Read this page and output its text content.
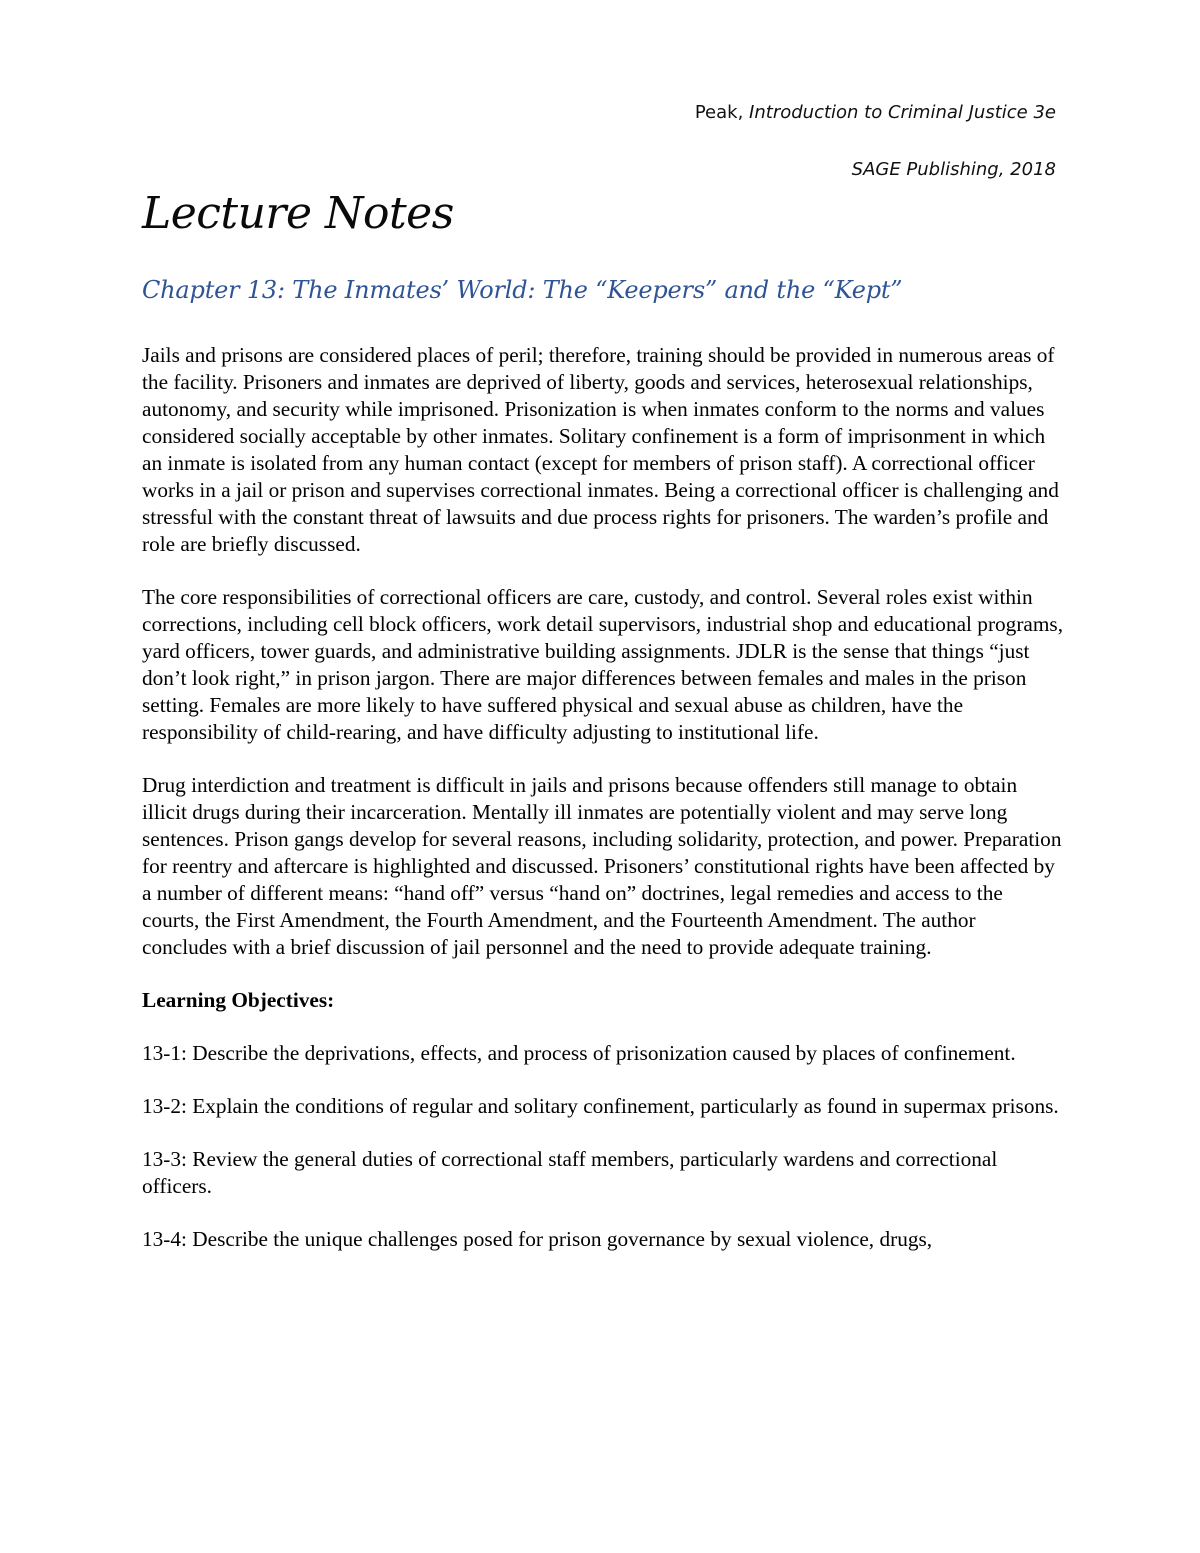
Peak, Introduction to Criminal Justice 3e
SAGE Publishing, 2018
Lecture Notes
Chapter 13: The Inmates’ World: The “Keepers” and the “Kept”

Jails and prisons are considered places of peril; therefore, training should be provided in numerous areas of the facility. Prisoners and inmates are deprived of liberty, goods and services, heterosexual relationships, autonomy, and security while imprisoned. Prisonization is when inmates conform to the norms and values considered socially acceptable by other inmates. Solitary confinement is a form of imprisonment in which an inmate is isolated from any human contact (except for members of prison staff). A correctional officer works in a jail or prison and supervises correctional inmates. Being a correctional officer is challenging and stressful with the constant threat of lawsuits and due process rights for prisoners. The warden’s profile and role are briefly discussed.

The core responsibilities of correctional officers are care, custody, and control. Several roles exist within corrections, including cell block officers, work detail supervisors, industrial shop and educational programs, yard officers, tower guards, and administrative building assignments. JDLR is the sense that things “just don’t look right,” in prison jargon. There are major differences between females and males in the prison setting. Females are more likely to have suffered physical and sexual abuse as children, have the responsibility of child-rearing, and have difficulty adjusting to institutional life.

Drug interdiction and treatment is difficult in jails and prisons because offenders still manage to obtain illicit drugs during their incarceration. Mentally ill inmates are potentially violent and may serve long sentences. Prison gangs develop for several reasons, including solidarity, protection, and power. Preparation for reentry and aftercare is highlighted and discussed. Prisoners’ constitutional rights have been affected by a number of different means: “hand off” versus “hand on” doctrines, legal remedies and access to the courts, the First Amendment, the Fourth Amendment, and the Fourteenth Amendment. The author concludes with a brief discussion of jail personnel and the need to provide adequate training.

Learning Objectives:

13-1: Describe the deprivations, effects, and process of prisonization caused by places of confinement.

13-2: Explain the conditions of regular and solitary confinement, particularly as found in supermax prisons.

13-3: Review the general duties of correctional staff members, particularly wardens and correctional officers.

13-4: Describe the unique challenges posed for prison governance by sexual violence, drugs,
